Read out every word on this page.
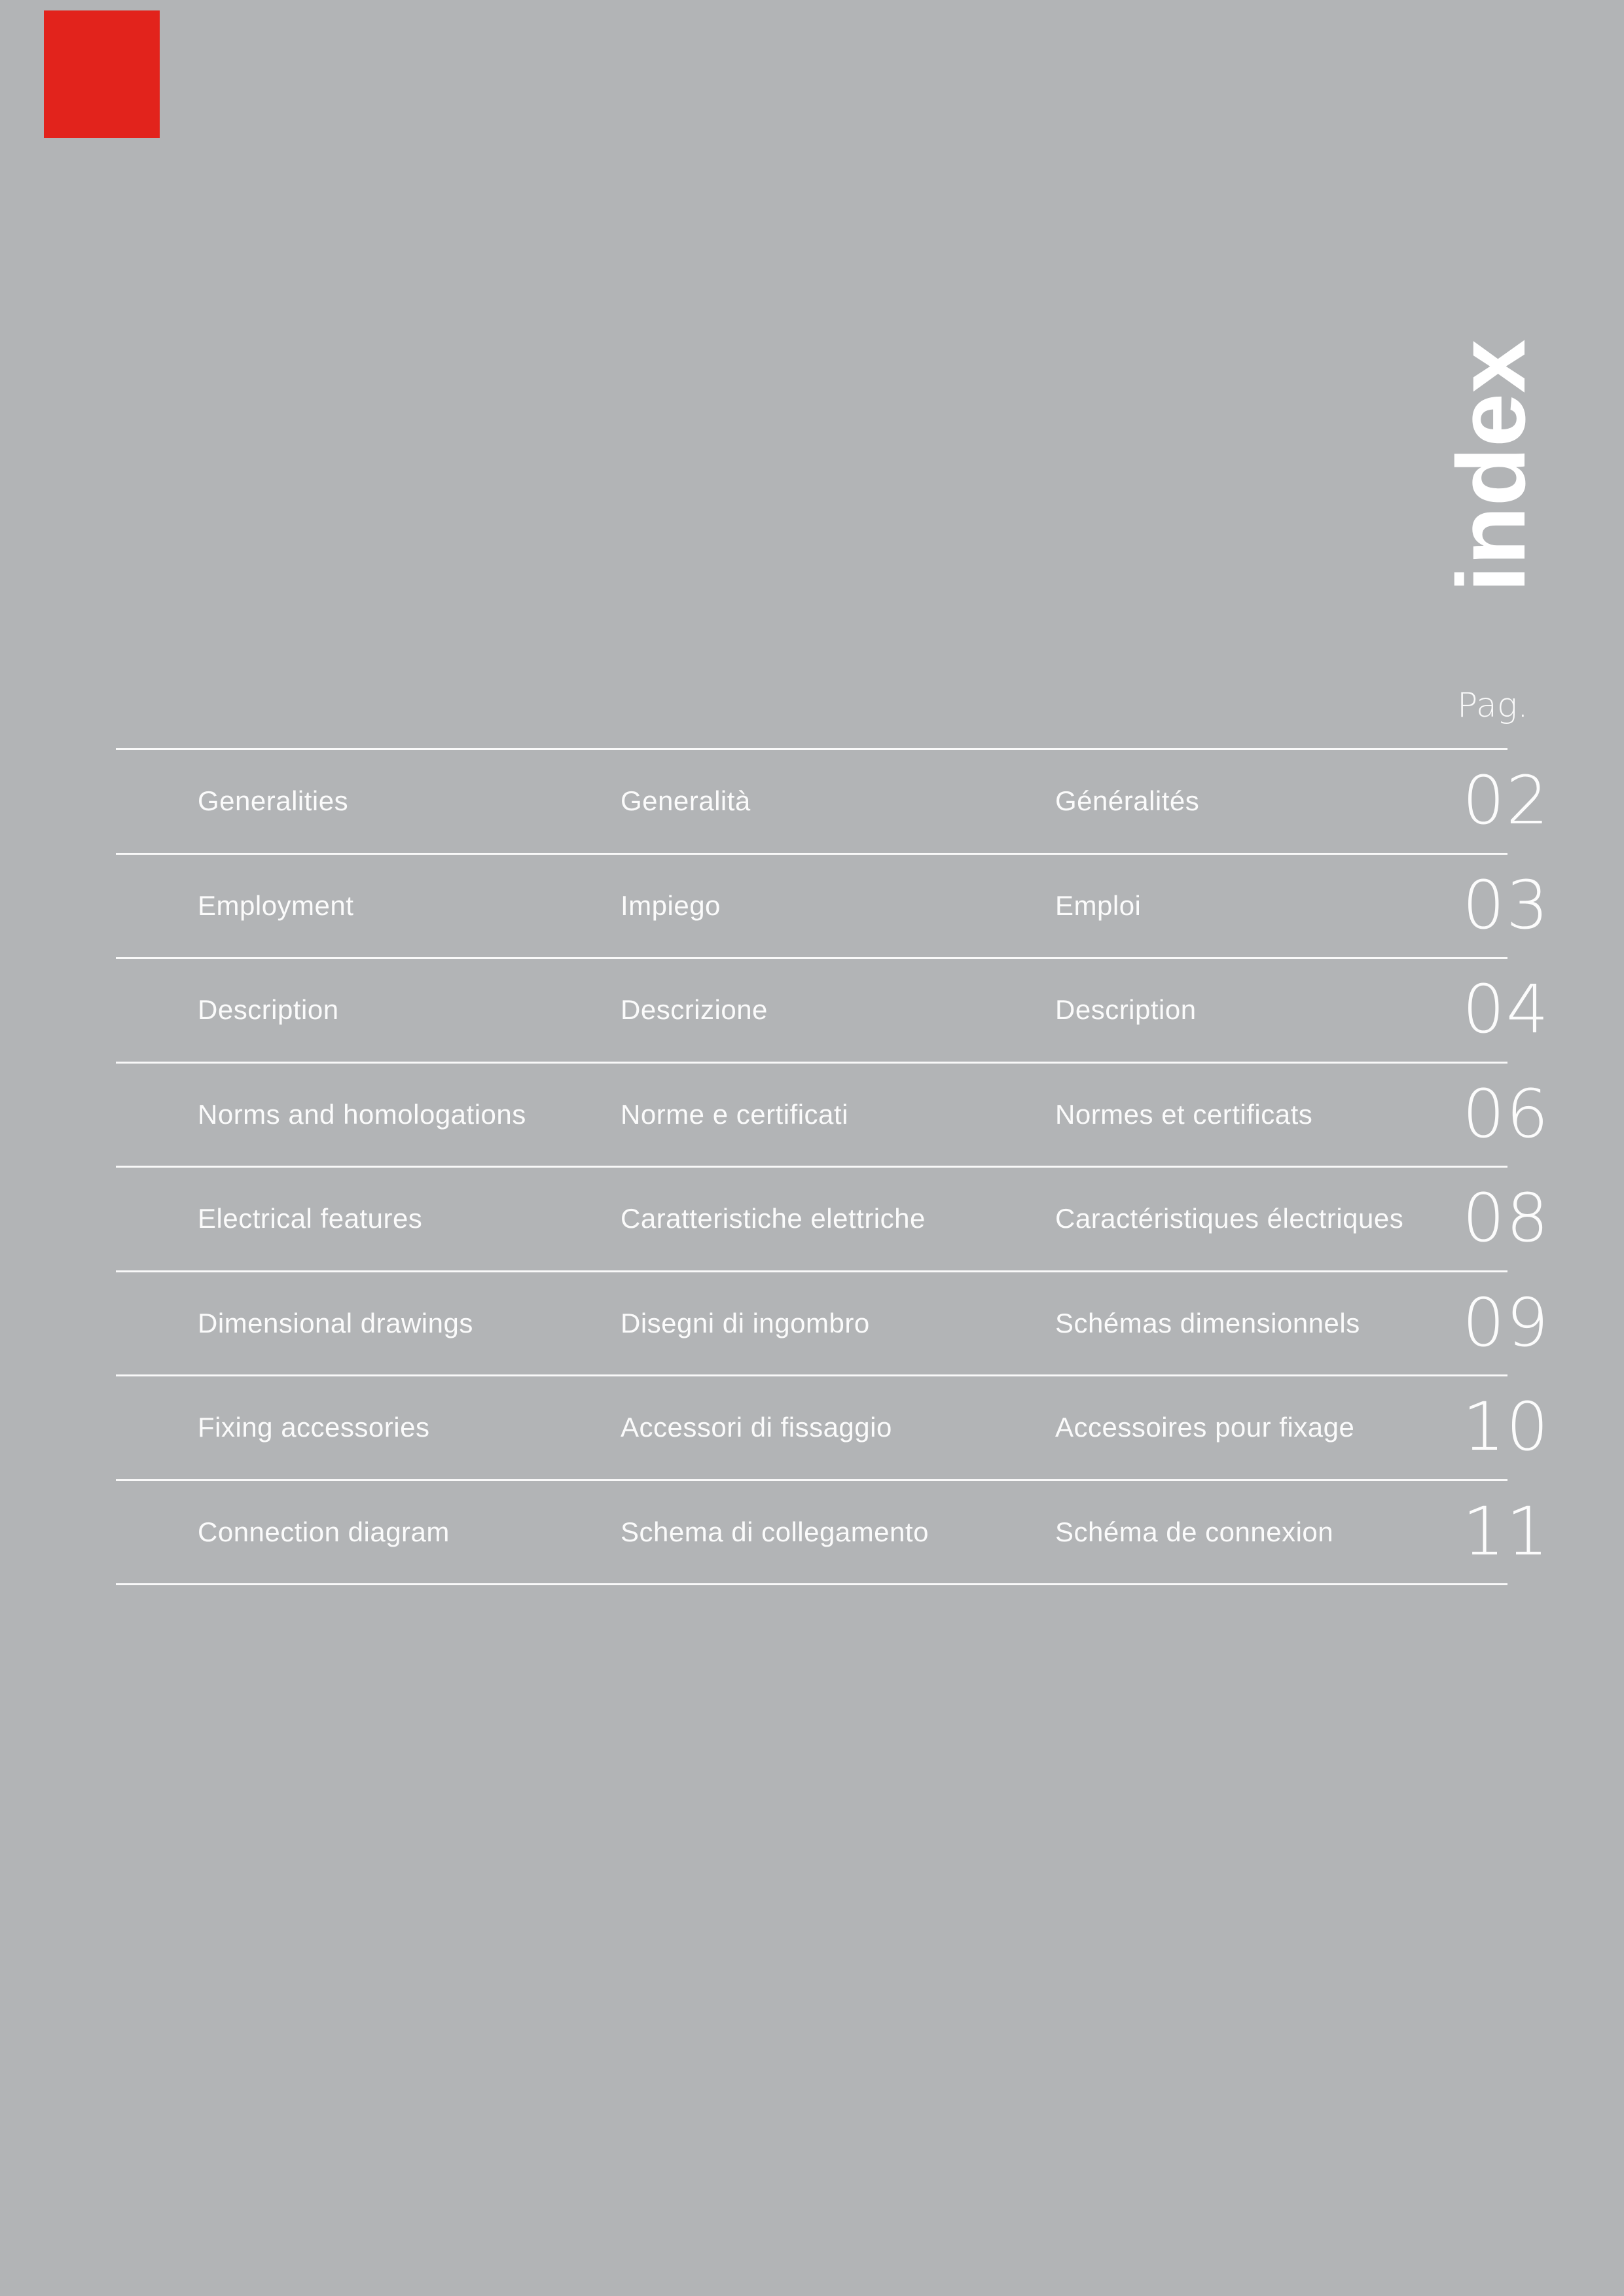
index
Pag.
Generalities	Generalità	Généralités	02
Employment	Impiego	Emploi	03
Description	Descrizione	Description	04
Norms and homologations	Norme e certificati	Normes et certificats 06
Electrical features	Caratteristiche elettriche	Caractéristiques électriques 08
Dimensional drawings	Disegni di ingombro	Schémas dimensionnels 09
Fixing accessories	Accessori di fissaggio	Accessoires pour fixage 10
Connection diagram	Schema di collegamento	Schéma de connexion 11
